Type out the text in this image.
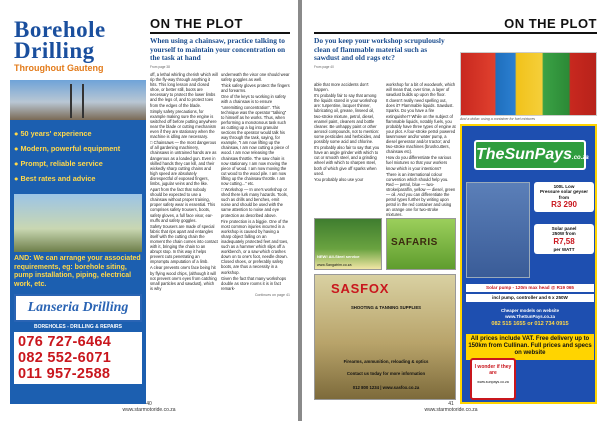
Borehole Drilling
Throughout Gauteng
● 50 years' experience
● Modern, powerful equipment
● Prompt, reliable service
● Best rates and advice
AND: We can arrange your associated requirements, eg: borehole siting, pump installation, piping, electrical work, etc.
Lanseria Drilling
BOREHOLES - DRILLING & REPAIRS
076 727-6464
082 552-6071
011 957-2588
ON THE PLOT
When using a chainsaw, practice talking to yourself to maintain your concentration on the task at hand
From page 38

off, a lethal whirling cherish which will rip the fly-way through anything it hits. This long lesson and closed shoe, or better still, boots are necessary to protect the lower limbs and the legs of, and to protect toes from the edges of the blade.

Simply safety precautions, for example making sure the engine is switched off before putting anywhere near the blade or cutting mechanism even if they are stationary when the machine is idling are necessary.

□ Chainsaws — the most dangerous of all gardening machinery, chainsaws in untrained hands are as dangerous as a loaded gun. Even in skilled hands they can kill, and their wickedly sharp cutting chains and high speed are absolutely disrespectful of exposed fingers, limbs, jugular veins and the like.

Apart from the fact that nobody should be expected to use a chainsaw without proper training, proper safety wear is essential. This comprises safety trousers, boots, safety gloves, a full face visor, ear-muffs and safety goggles.

Safety trousers are made of special fabric that rips apart and entangles itself with the cutting chain the moment the chain comes into contact with it, bringing the chain to an abrupt stop. In this way it helps prevent cuts penetrating an impromptu amputation of a limb.

A clear prevents one's face being hit by flying wood chips, (although it will not prevent one's eyes from catching small particles and sawdust), which is why

underneath the visor one should wear safety goggles as well.

Thick safety gloves protect the fingers and forearms.

One of the keys to working in safety with a chainsaw is to ensure "unremitting concentration". This technique was the operator "talking" to himself as he works. Thus, when performing a monotonous task such as cutting up a log into granular sections the operator would talk his way through the task, saying, for example, "I am now lifting up the chainsaw, I am now cutting a piece of wood. I am now releasing the chainsaw throttle. The saw chain is now stationary. I am now moving the piece of wood. I am now moving the cut wood to the wood pile. I am now lifting up the chainsaw throttle. I am now cutting..." etc.

□ Workshop — In one's workshop or shed there lurk many hazards. Tools, such as drills and benches, emit noise and should be used with the same attention to noise and eye protection as described above.

Fire protection is a biggie. One of the most common injuries incurred in a workshop is caused by having a sharp object falling on an inadequately protected feet and toes, such as a hammer which slips off a workbench, or a saw which crashes down on to one's foot, needle drown. Closed shoes, or preferably safety boots, are thus a necessity in a workshop.

Given the fact that many workshops double as store rooms it is in fact remark-

Continues on page 41
40
www.starmotoride.co.za
ON THE PLOT
Do you keep your workshop scrupulously clean of flammable material such as sawdust and old rags etc?
From page 40

able that more accidents don't happen.

It's probably fair to say that among the liquids stored in your workshop are: turpentine, lacquer thinner, lubricating oil, grease, linseed oil, two-stroke mixture, petrol, diesel, enamel paint, cleaners and bottle cleaner. Be unhappy paint or other aerosol compounds, not to mention: some pesticides and herbicides, and possibly some acid and chlorine.

It's probably also fair to say that you have an angle grinder with which to cut or smooth steel, and a grinding wheel with which to sharpen steel, both of which give off sparks when used.

You probably also use your

workshop for a bit of woodwork, which will mean that, over time, a layer of sawdust builds up upon the floor.

It doesn't really need spelling out, does it? Flammable liquids. Sawdust. Sparks. Do you have a fire extinguisher? While on the subject of flammable liquids, notably fuels, you probably have three types of engine at your plot. A four-stroke petrol powered lawnmower and/or water pump, a diesel generator and/or tractor; and two-stroke machines (brushcutters, chainsaw etc).

How do you differentiate the various fuel mixtures so that your workers know which is your intentions?

There is an international colour convention which should help you. Red — petrol, blue — two-stroke/paraffin, yellow — diesel, green — oil. And you can differentiate the petrol types further by writing upon petrol in the red container and using an orange one for two-stroke mixtures.

And a dollar: using a container for fuel mixtures
NEW! All-Steel service
www.Sangatrim.co.za
SAFARIS
SASFOX
SHOOTING & TANNING SUPPLIES
Firearms, ammunition, reloading & optics
Contact us today for more information
012 800 1234 | www.sasfox.co.za
TheSunPays.co.za
100L Low
Pressure solar geyser from
R3 290
Solar panel
250W from
R7,58
per WATT
Solar pump - 120m max head @ R19 065
incl pump, controller and 6 x 250W
Cheaper models on website
www.TheSunPays.co.za
082 515 1655 or 012 734 0915
All prices include VAT. Free delivery up to 150km from Cullinan. Full prices and specs on website
I wonder if they are
www.sunpays.co.za
41
www.starmotoride.co.za
